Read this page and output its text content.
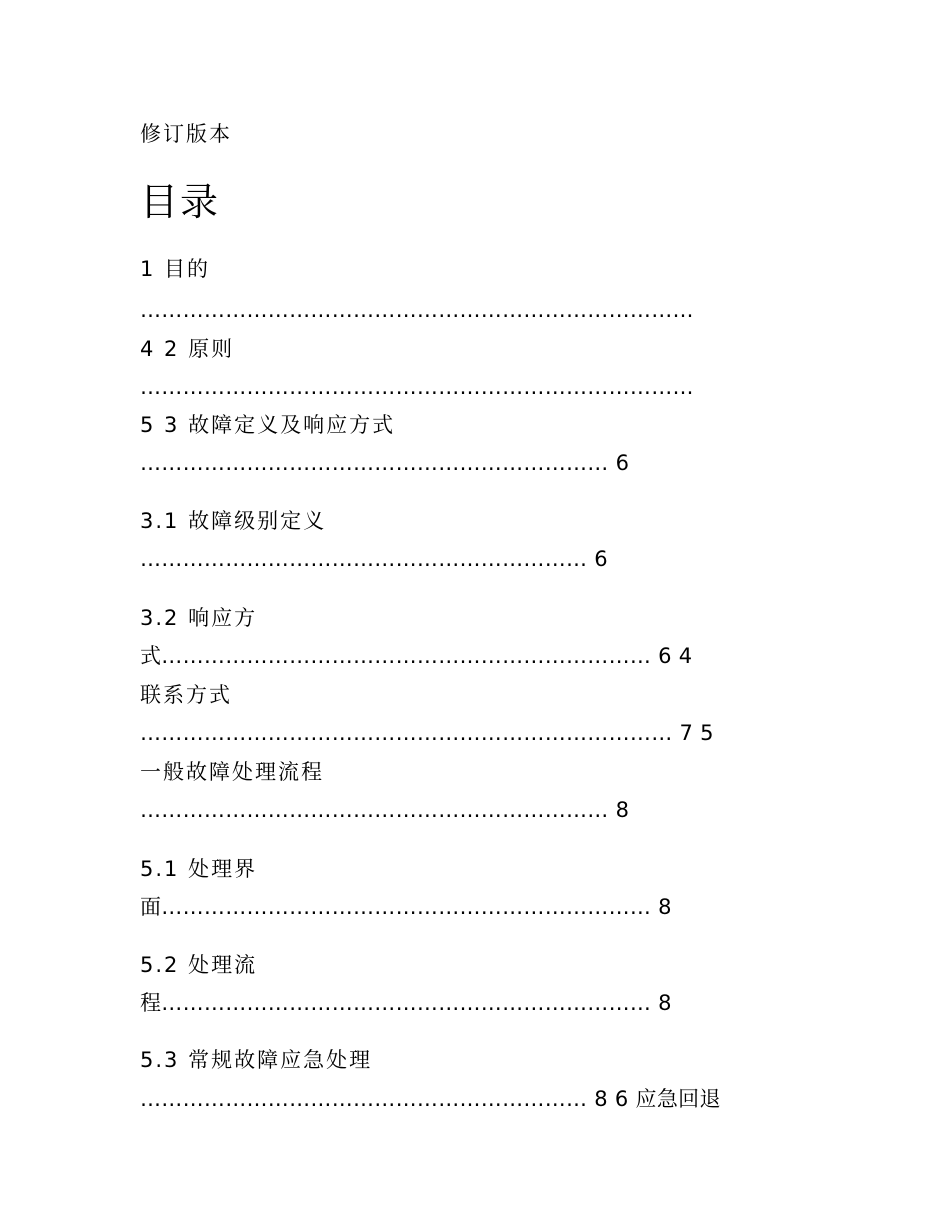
修订版本
目录
1 目的
……………………………………………………………………
4 2 原则
……………………………………………………………………
5 3 故障定义及响应方式
………………………………………………………… 6
3.1 故障级别定义
……………………………………………………… 6
3.2 响应方
式…………………………………………………………… 6 4
联系方式
………………………………………………………………… 7 5
一般故障处理流程
………………………………………………………… 8
5.1 处理界
面…………………………………………………………… 8
5.2 处理流
程…………………………………………………………… 8
5.3 常规故障应急处理
……………………………………………………… 8 6 应急回退
